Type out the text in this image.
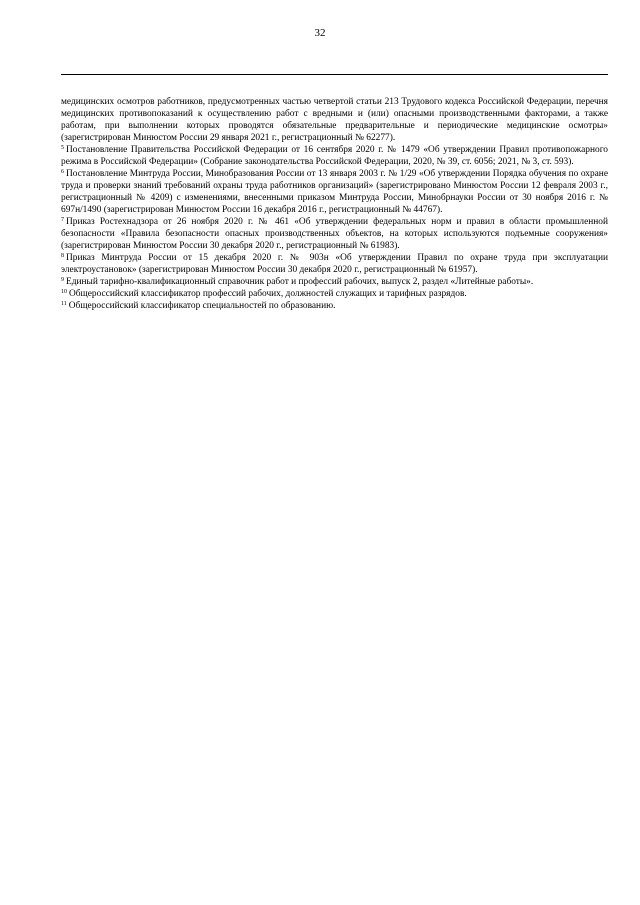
32

медицинских осмотров работников, предусмотренных частью четвертой статьи 213 Трудового кодекса Российской Федерации, перечня медицинских противопоказаний к осуществлению работ с вредными и (или) опасными производственными факторами, а также работам, при выполнении которых проводятся обязательные предварительные и периодические медицинские осмотры» (зарегистрирован Минюстом России 29 января 2021 г., регистрационный № 62277).

$^5$ Постановление Правительства Российской Федерации от 16 сентября 2020 г. № 1479 «Об утверждении Правил противопожарного режима в Российской Федерации» (Собрание законодательства Российской Федерации, 2020, № 39, ст. 6056; 2021, № 3, ст. 593).

$^6$ Постановление Минтруда России, Минобразования России от 13 января 2003 г. № 1/29 «Об утверждении Порядка обучения по охране труда и проверки знаний требований охраны труда работников организаций» (зарегистрировано Минюстом России 12 февраля 2003 г., регистрационный № 4209) с изменениями, внесенными приказом Минтруда России, Минобрнауки России от 30 ноября 2016 г. № 697н/1490 (зарегистрирован Минюстом России 16 декабря 2016 г., регистрационный № 44767).

$^7$ Приказ Ростехнадзора от 26 ноября 2020 г. № 461 «Об утверждении федеральных норм и правил в области промышленной безопасности «Правила безопасности опасных производственных объектов, на которых используются подъемные сооружения» (зарегистрирован Минюстом России 30 декабря 2020 г., регистрационный № 61983).

$^8$ Приказ Минтруда России от 15 декабря 2020 г. № 903н «Об утверждении Правил по охране труда при эксплуатации электроустановок» (зарегистрирован Минюстом России 30 декабря 2020 г., регистрационный № 61957).

$^9$ Единый тарифно-квалификационный справочник работ и профессий рабочих, выпуск 2, раздел «Литейные работы».

$^{10}$ Общероссийский классификатор профессий рабочих, должностей служащих и тарифных разрядов.

$^{11}$ Общероссийский классификатор специальностей по образованию.
